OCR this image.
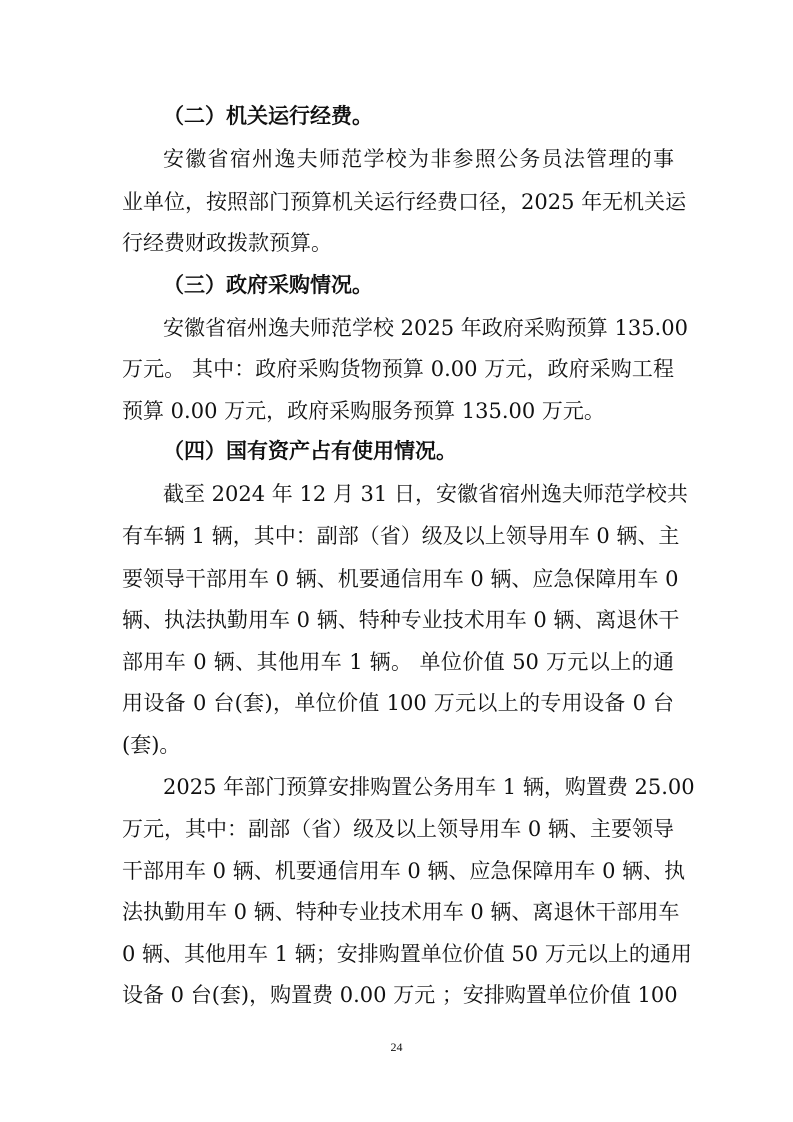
（二）机关运行经费。
安徽省宿州逸夫师范学校为非参照公务员法管理的事
业单位，按照部门预算机关运行经费口径，2025 年无机关运
行经费财政拨款预算。
（三）政府采购情况。
安徽省宿州逸夫师范学校 2025 年政府采购预算 135.00
万元。 其中：政府采购货物预算 0.00 万元，政府采购工程
预算 0.00 万元，政府采购服务预算 135.00 万元。
（四）国有资产占有使用情况。
截至 2024 年 12 月 31 日，安徽省宿州逸夫师范学校共
有车辆 1 辆，其中：副部（省）级及以上领导用车 0 辆、主
要领导干部用车 0 辆、机要通信用车 0 辆、应急保障用车 0
辆、执法执勤用车 0 辆、特种专业技术用车 0 辆、离退休干
部用车 0 辆、其他用车 1 辆。 单位价值 50 万元以上的通
用设备 0 台(套)，单位价值 100 万元以上的专用设备 0 台
(套)。
2025 年部门预算安排购置公务用车 1 辆，购置费 25.00
万元，其中：副部（省）级及以上领导用车 0 辆、主要领导
干部用车 0 辆、机要通信用车 0 辆、应急保障用车 0 辆、执
法执勤用车 0 辆、特种专业技术用车 0 辆、离退休干部用车
0 辆、其他用车 1 辆；安排购置单位价值 50 万元以上的通用
设备 0 台(套)，购置费 0.00 万元 ；安排购置单位价值 100
24
